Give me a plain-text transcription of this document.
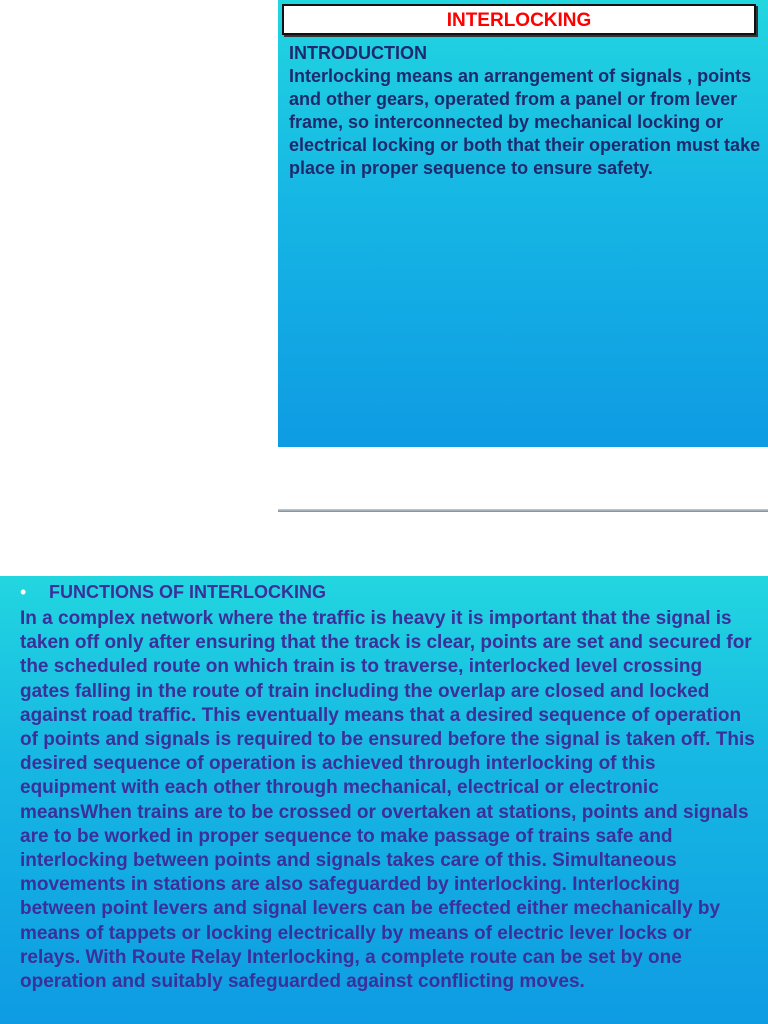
INTERLOCKING
INTRODUCTION
Interlocking means an arrangement of signals , points and other gears, operated from a panel or from lever frame, so interconnected by mechanical locking or electrical locking or both that their operation must take place in proper sequence to ensure safety.
• FUNCTIONS OF INTERLOCKING
In a complex network where the traffic is heavy it is important that the signal is taken off only after ensuring that the track is clear, points are set and secured for the scheduled route on which train is to traverse, interlocked level crossing gates falling in the route of train including the overlap are closed and locked against road traffic. This eventually means that a desired sequence of operation of points and signals is required to be ensured before the signal is taken off. This desired sequence of operation is achieved through interlocking of this equipment with each other through mechanical, electrical or electronic meansWhen trains are to be crossed or overtaken at stations, points and signals are to be worked in proper sequence to make passage of trains safe and interlocking between points and signals takes care of this. Simultaneous movements in stations are also safeguarded by interlocking. Interlocking between point levers and signal levers can be effected either mechanically by means of tappets or locking electrically by means of electric lever locks or relays. With Route Relay Interlocking, a complete route can be set by one operation and suitably safeguarded against conflicting moves.
